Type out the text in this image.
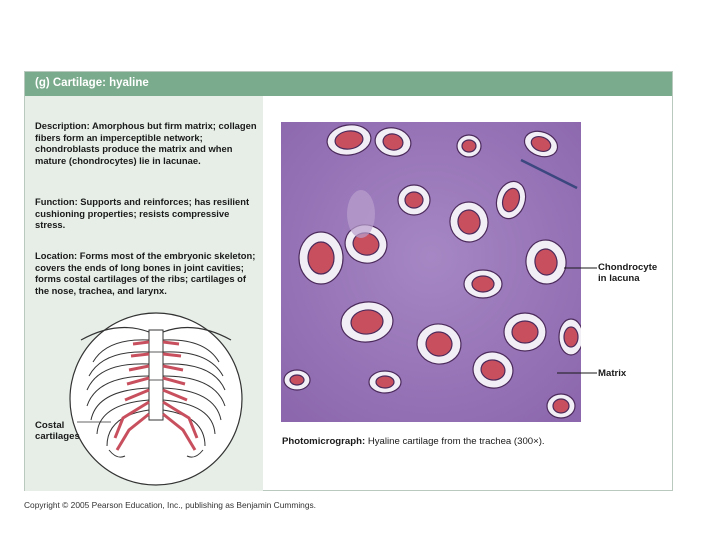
(g) Cartilage: hyaline
Description: Amorphous but firm matrix; collagen fibers form an imperceptible network; chondroblasts produce the matrix and when mature (chondrocytes) lie in lacunae.
Function: Supports and reinforces; has resilient cushioning properties; resists compressive stress.
Location: Forms most of the embryonic skeleton; covers the ends of long bones in joint cavities; forms costal cartilages of the ribs; cartilages of the nose, trachea, and larynx.
Costal
cartilages
Chondrocyte
in lacuna
Matrix
Photomicrograph: Hyaline cartilage from the trachea (300×).
Copyright © 2005 Pearson Education, Inc., publishing as Benjamin Cummings.
